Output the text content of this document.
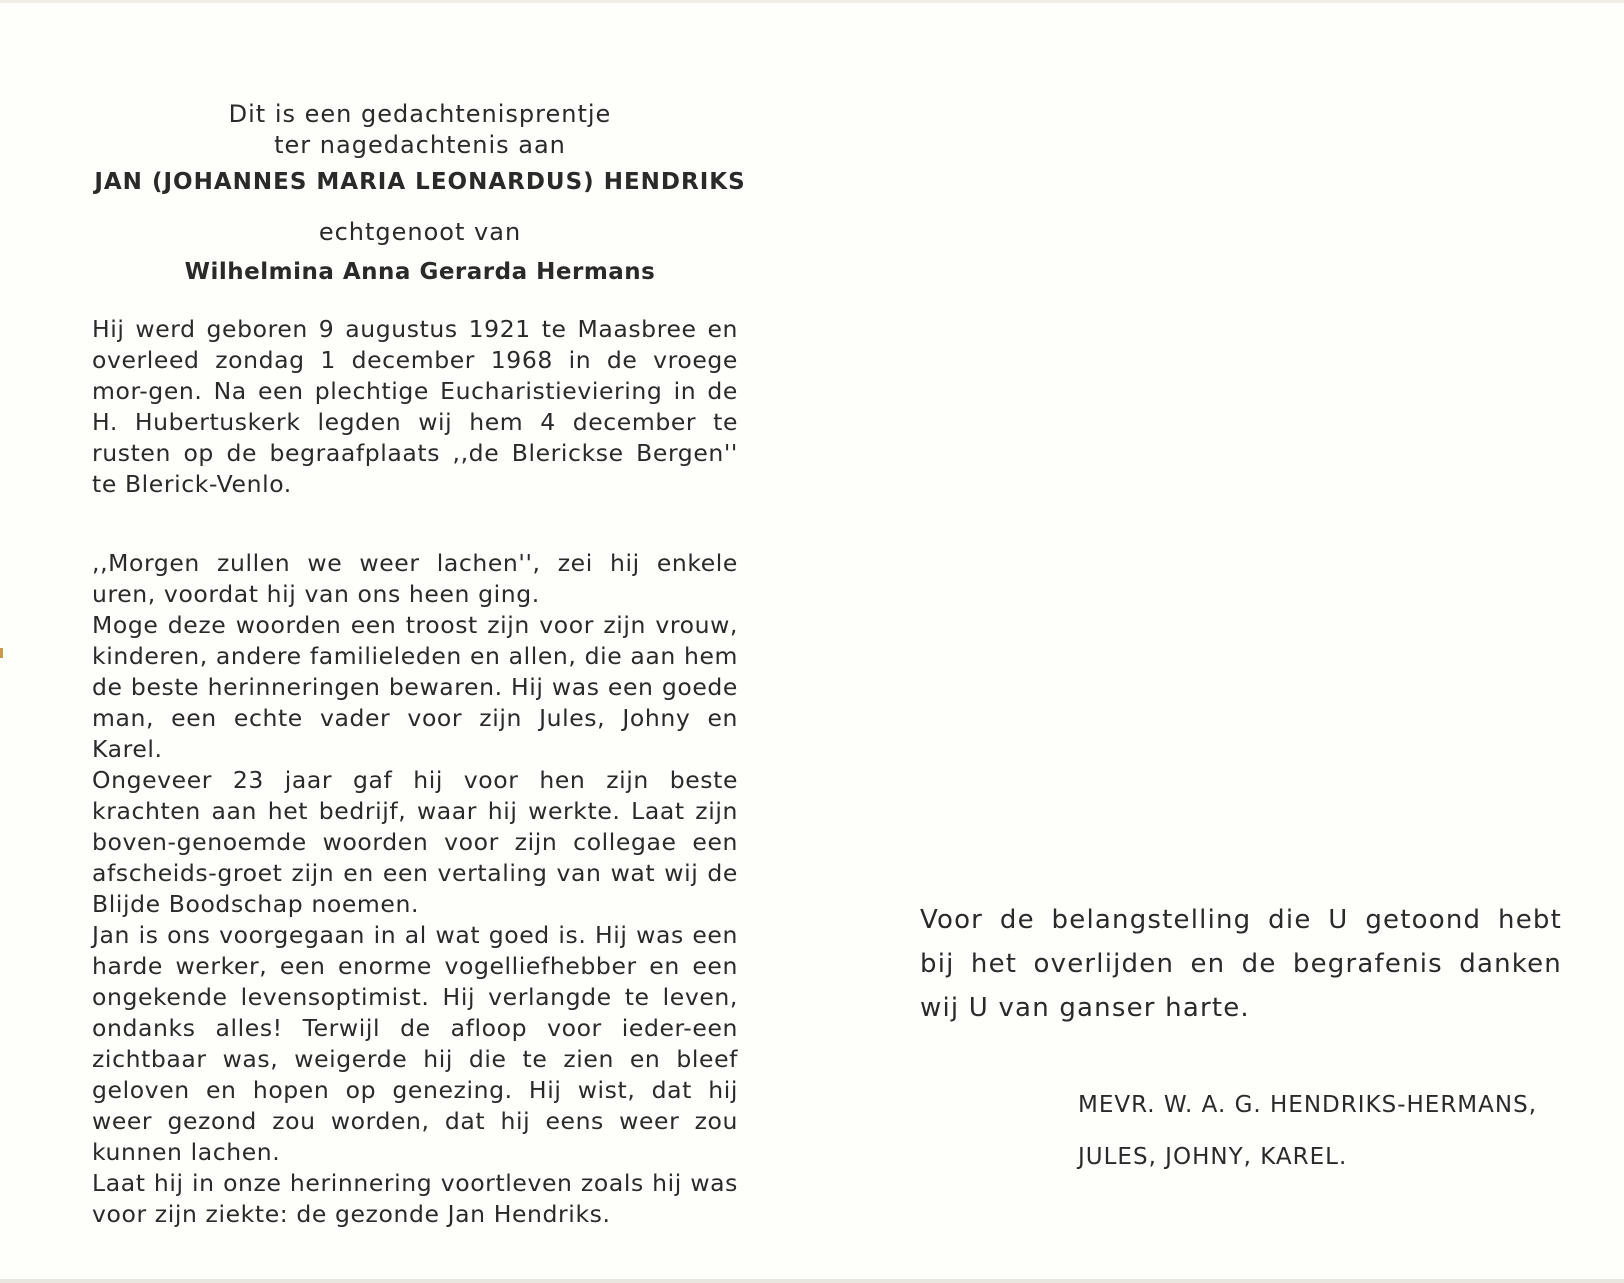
Dit is een gedachtenisprentje

ter nagedachtenis aan

JAN (JOHANNES MARIA LEONARDUS) HENDRIKS

echtgenoot van

Wilhelmina Anna Gerarda Hermans

Hij werd geboren 9 augustus 1921 te Maasbree en overleed zondag 1 december 1968 in de vroege mor-gen. Na een plechtige Eucharistieviering in de H. Hubertuskerk legden wij hem 4 december te rusten op de begraafplaats ,,de Blerickse Bergen'' te Blerick-Venlo.

,,Morgen zullen we weer lachen'', zei hij enkele uren, voordat hij van ons heen ging.

Moge deze woorden een troost zijn voor zijn vrouw, kinderen, andere familieleden en allen, die aan hem de beste herinneringen bewaren. Hij was een goede man, een echte vader voor zijn Jules, Johny en Karel.

Ongeveer 23 jaar gaf hij voor hen zijn beste krachten aan het bedrijf, waar hij werkte. Laat zijn boven-genoemde woorden voor zijn collegae een afscheids-groet zijn en een vertaling van wat wij de Blijde Boodschap noemen.

Jan is ons voorgegaan in al wat goed is. Hij was een harde werker, een enorme vogelliefhebber en een ongekende levensoptimist. Hij verlangde te leven, ondanks alles! Terwijl de afloop voor ieder-een zichtbaar was, weigerde hij die te zien en bleef geloven en hopen op genezing. Hij wist, dat hij weer gezond zou worden, dat hij eens weer zou kunnen lachen.

Laat hij in onze herinnering voortleven zoals hij was voor zijn ziekte: de gezonde Jan Hendriks.

Voor de belangstelling die U getoond hebt bij het overlijden en de begrafenis danken wij U van ganser harte.

MEVR. W. A. G. HENDRIKS-HERMANS,

JULES, JOHNY, KAREL.
